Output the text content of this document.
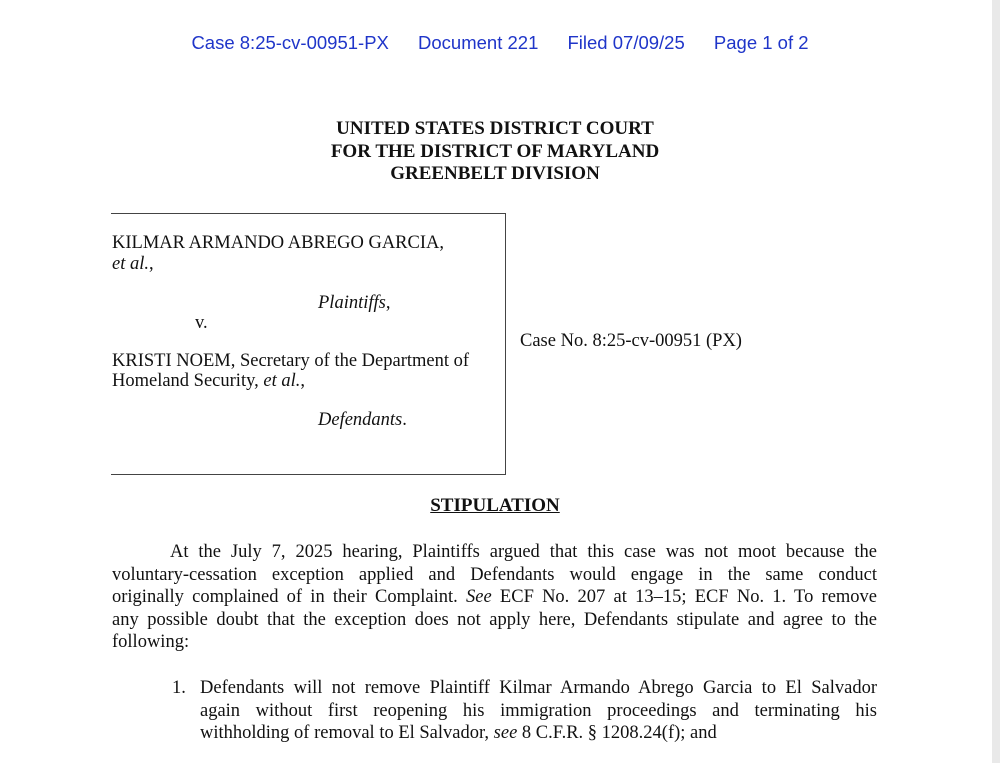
Case 8:25-cv-00951-PX Document 221 Filed 07/09/25 Page 1 of 2
UNITED STATES DISTRICT COURT
FOR THE DISTRICT OF MARYLAND
GREENBELT DIVISION
KILMAR ARMANDO ABREGO GARCIA,
et al.,
Plaintiffs,
v.
KRISTI NOEM, Secretary of the Department of
Homeland Security, et al.,
Defendants.
Case No. 8:25-cv-00951 (PX)
STIPULATION
At the July 7, 2025 hearing, Plaintiffs argued that this case was not moot because the
voluntary-cessation exception applied and Defendants would engage in the same conduct
originally complained of in their Complaint. See ECF No. 207 at 13–15; ECF No. 1. To remove
any possible doubt that the exception does not apply here, Defendants stipulate and agree to the
following:
1. Defendants will not remove Plaintiff Kilmar Armando Abrego Garcia to El Salvador
again without first reopening his immigration proceedings and terminating his
withholding of removal to El Salvador, see 8 C.F.R. § 1208.24(f); and
